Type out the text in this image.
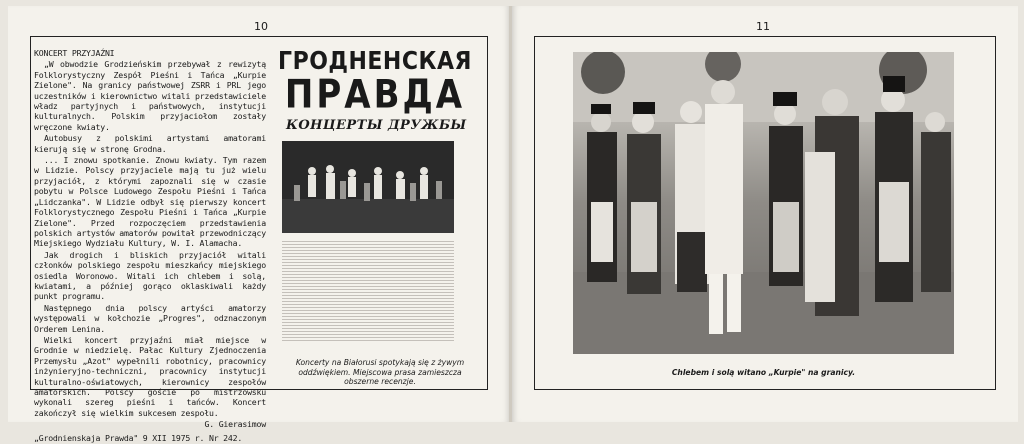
10	11

KONCERT PRZYJAŹNI

„W obwodzie Grodzieńskim przebywał z rewizytą Folklorystyczny Zespół Pieśni i Tańca „Kurpie Zielone". Na granicy państwowej ZSRR i PRL jego uczestników i kierownictwo witali przedstawiciele władz partyjnych i państwowych, instytucji kulturalnych. Polskim przyjaciołom zostały wręczone kwiaty.

Autobusy z polskimi artystami amatorami kierują się w stronę Grodna.

... I znowu spotkanie. Znowu kwiaty. Tym razem w Lidzie. Polscy przyjaciele mają tu już wielu przyjaciół, z którymi zapoznali się w czasie pobytu w Polsce Ludowego Zespołu Pieśni i Tańca „Lidczanka". W Lidzie odbył się pierwszy koncert Folklorystycznego Zespołu Pieśni i Tańca „Kurpie Zielone". Przed rozpoczęciem przedstawienia polskich artystów amatorów powitał przewodniczący Miejskiego Wydziału Kultury, W. I. Alamacha.

Jak drogich i bliskich przyjaciół witali członków polskiego zespołu mieszkańcy miejskiego osiedla Woronowo. Witali ich chlebem i solą, kwiatami, a później gorąco oklaskiwali każdy punkt programu.

Następnego dnia polscy artyści amatorzy występowali w kołchozie „Progres", odznaczonym Orderem Lenina.

Wielki koncert przyjaźni miał miejsce w Grodnie w niedzielę. Pałac Kultury Zjednoczenia Przemysłu „Azot" wypełnili robotnicy, pracownicy inżynieryjno-techniczni, pracownicy instytucji kulturalno-oświatowych, kierownicy zespołów amatorskich. Polscy goście po mistrzowsku wykonali szereg pieśni i tańców. Koncert zakończył się wielkim sukcesem zespołu.

G. Gierasimow

„Grodnienskaja Prawda" 9 XII 1975 r. Nr 242.

ГРОДНЕНСКАЯ
ПРАВДА
КОНЦЕРТЫ ДРУЖБЫ
Koncerty na Białorusi spotykają się z żywym oddźwiękiem. Miejscowa prasa zamieszcza obszerne recenzje.
Chlebem i solą witano „Kurpie" na granicy.
